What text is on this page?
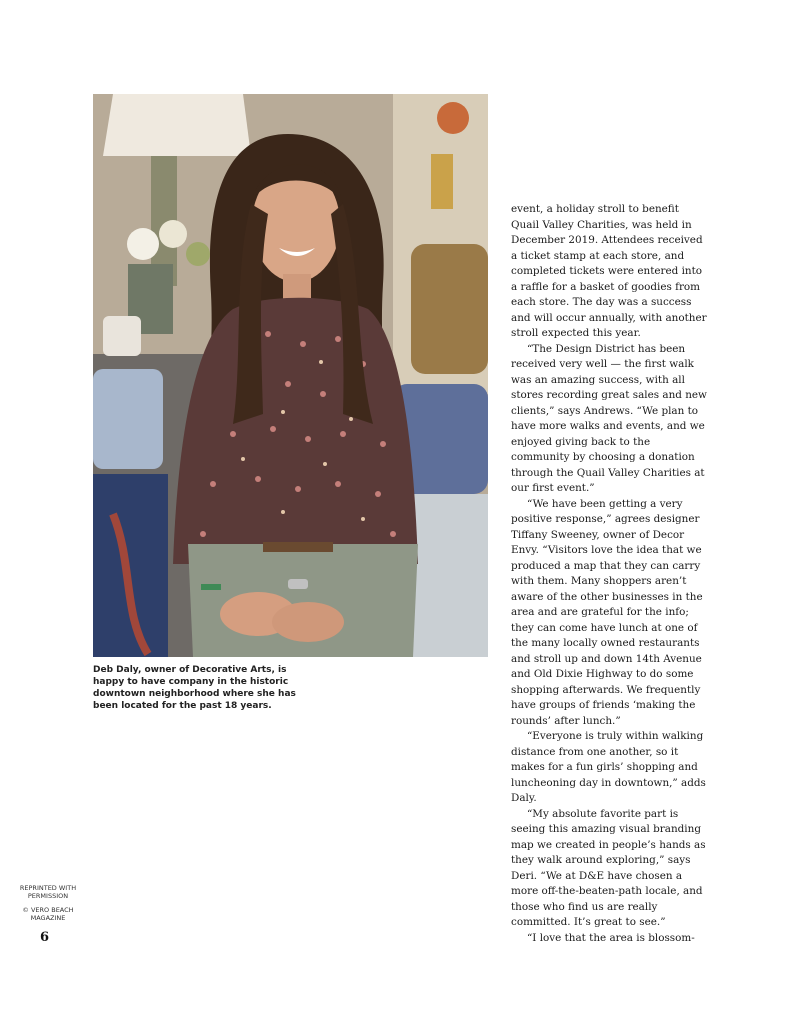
Deb Daly, owner of Decorative Arts, is happy to have company in the historic downtown neighborhood where she has been located for the past 18 years.

event, a holiday stroll to benefit Quail Valley Charities, was held in December 2019. Attendees received a ticket stamp at each store, and completed tickets were entered into a raffle for a basket of goodies from each store. The day was a success and will occur annually, with another stroll expected this year.

“The Design District has been received very well — the first walk was an amazing success, with all stores recording great sales and new clients,” says Andrews. “We plan to have more walks and events, and we enjoyed giving back to the community by choosing a donation through the Quail Valley Charities at our first event.”

“We have been getting a very positive response,” agrees designer Tiffany Sweeney, owner of Decor Envy. “Visitors love the idea that we produced a map that they can carry with them. Many shoppers aren’t aware of the other businesses in the area and are grateful for the info; they can come have lunch at one of the many locally owned restaurants and stroll up and down 14th Avenue and Old Dixie Highway to do some shopping afterwards. We frequently have groups of friends ‘making the rounds’ after lunch.”

“Everyone is truly within walking distance from one another, so it makes for a fun girls’ shopping and luncheoning day in downtown,” adds Daly.

“My absolute favorite part is seeing this amazing visual branding map we created in people’s hands as they walk around exploring,” says Deri. “We at D&E have chosen a more off-the-beaten-path locale, and those who find us are really committed. It’s great to see.”

“I love that the area is blossom-

REPRINTED WITH PERMISSION
© VERO BEACH MAGAZINE
6
